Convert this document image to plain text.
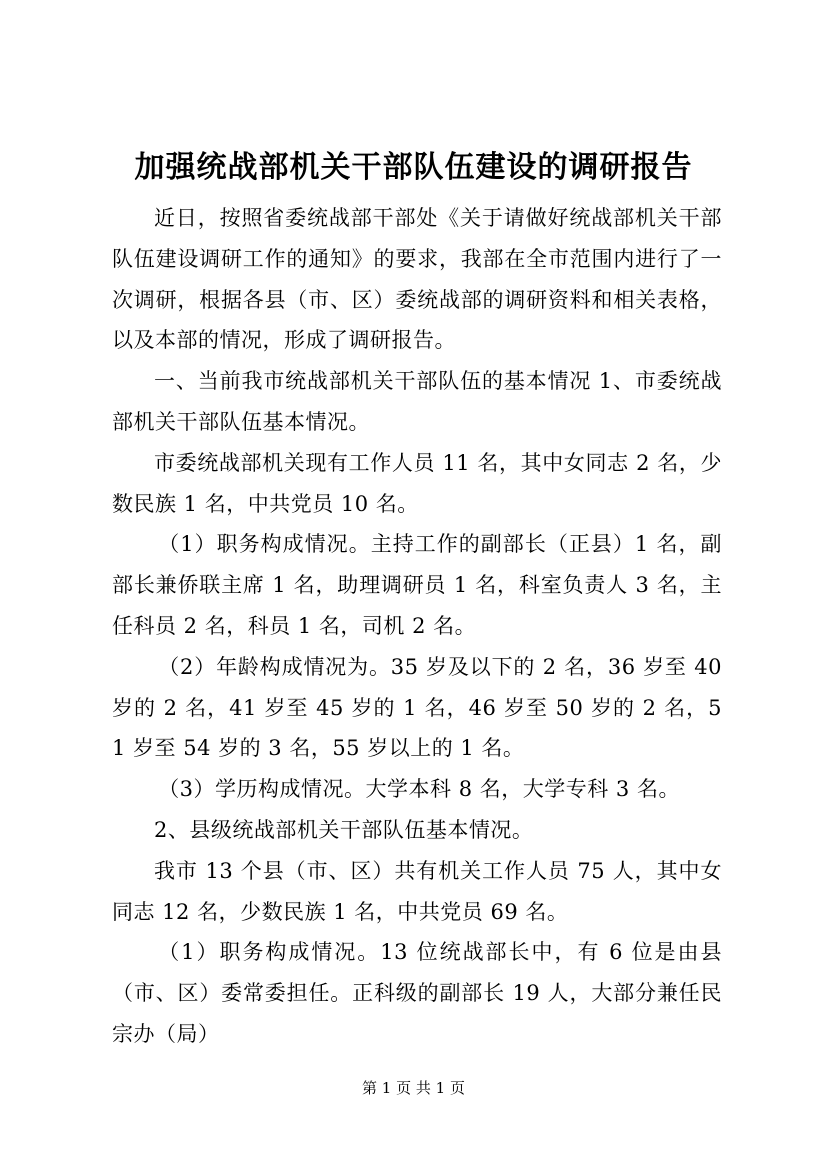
加强统战部机关干部队伍建设的调研报告

近日，按照省委统战部干部处《关于请做好统战部机关干部队伍建设调研工作的通知》的要求，我部在全市范围内进行了一次调研，根据各县（市、区）委统战部的调研资料和相关表格，以及本部的情况，形成了调研报告。

一、当前我市统战部机关干部队伍的基本情况 1、市委统战部机关干部队伍基本情况。

市委统战部机关现有工作人员 11 名，其中女同志 2 名，少数民族 1 名，中共党员 10 名。

（1）职务构成情况。主持工作的副部长（正县）1 名，副部长兼侨联主席 1 名，助理调研员 1 名，科室负责人 3 名，主任科员 2 名，科员 1 名，司机 2 名。

（2）年龄构成情况为。35 岁及以下的 2 名，36 岁至 40 岁的 2 名，41 岁至 45 岁的 1 名，46 岁至 50 岁的 2 名，51 岁至 54 岁的 3 名，55 岁以上的 1 名。

（3）学历构成情况。大学本科 8 名，大学专科 3 名。

2、县级统战部机关干部队伍基本情况。

我市 13 个县（市、区）共有机关工作人员 75 人，其中女同志 12 名，少数民族 1 名，中共党员 69 名。

（1）职务构成情况。13 位统战部长中，有 6 位是由县（市、区）委常委担任。正科级的副部长 19 人，大部分兼任民宗办（局）

第 1 页 共 1 页
